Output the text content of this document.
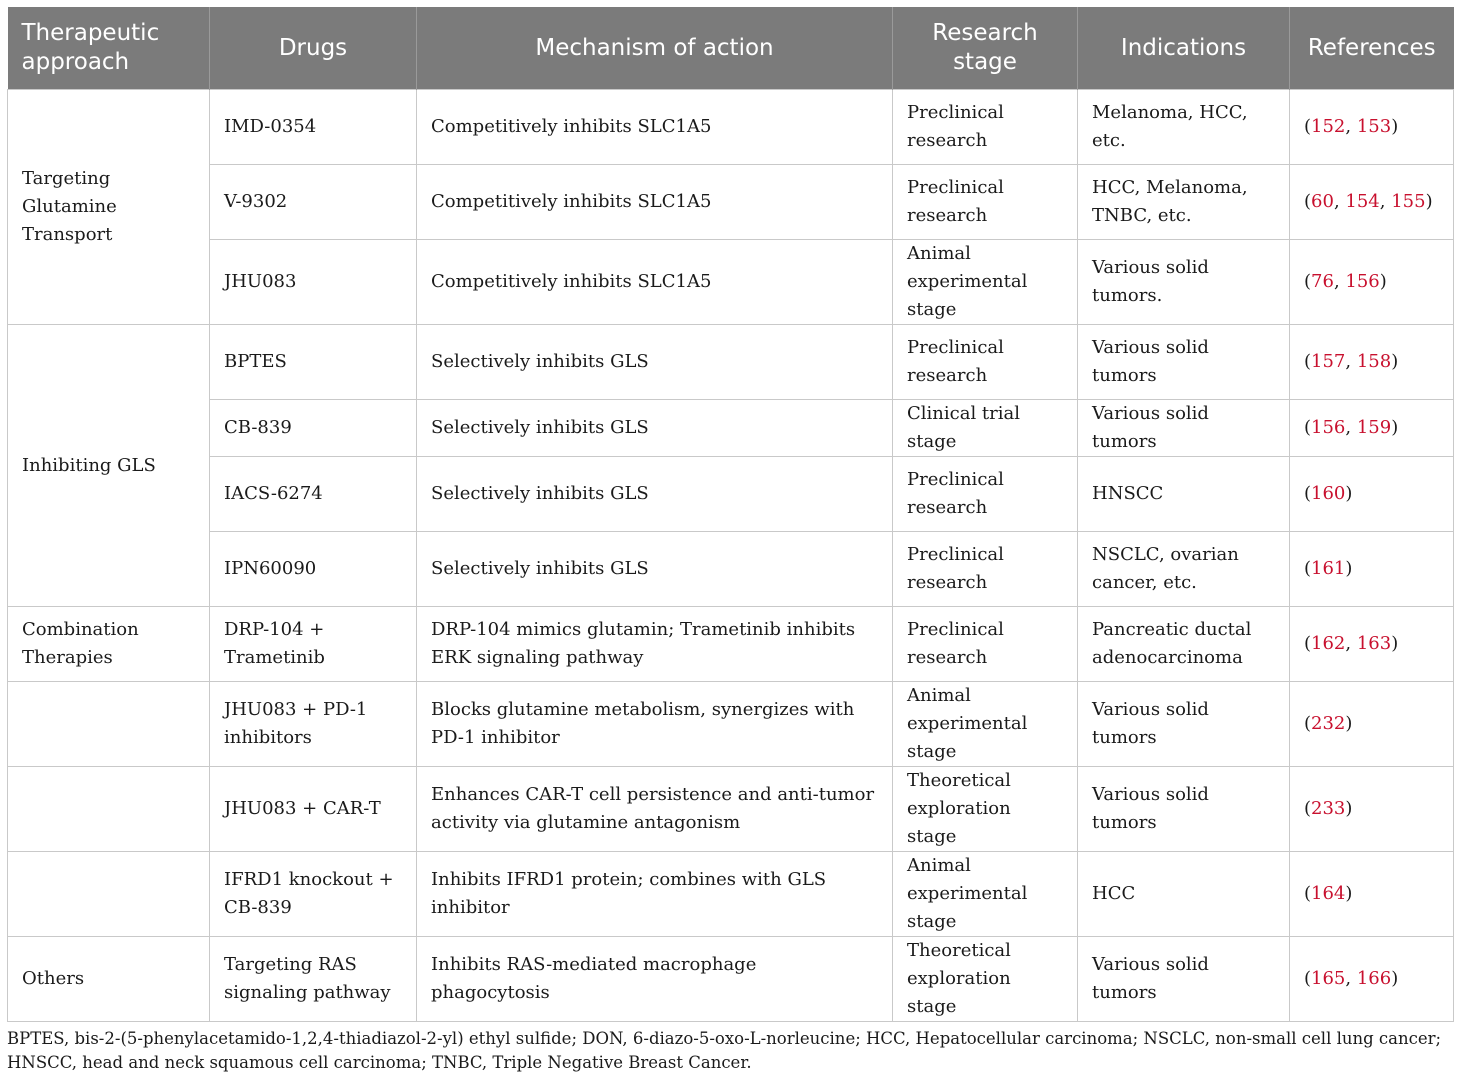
Therapeutic approach	Drugs	Mechanism of action	Research stage	Indications	References
Targeting Glutamine Transport	IMD-0354	Competitively inhibits SLC1A5	Preclinical research	Melanoma, HCC, etc.	(152, 153)
	V-9302	Competitively inhibits SLC1A5	Preclinical research	HCC, Melanoma, TNBC, etc.	(60, 154, 155)
	JHU083	Competitively inhibits SLC1A5	Animal experimental stage	Various solid tumors.	(76, 156)
Inhibiting GLS	BPTES	Selectively inhibits GLS	Preclinical research	Various solid tumors	(157, 158)
	CB-839	Selectively inhibits GLS	Clinical trial stage	Various solid tumors	(156, 159)
	IACS-6274	Selectively inhibits GLS	Preclinical research	HNSCC	(160)
	IPN60090	Selectively inhibits GLS	Preclinical research	NSCLC, ovarian cancer, etc.	(161)
Combination Therapies	DRP-104 + Trametinib	DRP-104 mimics glutamin; Trametinib inhibits ERK signaling pathway	Preclinical research	Pancreatic ductal adenocarcinoma	(162, 163)
	JHU083 + PD-1 inhibitors	Blocks glutamine metabolism, synergizes with PD-1 inhibitor	Animal experimental stage	Various solid tumors	(232)
	JHU083 + CAR-T	Enhances CAR-T cell persistence and anti-tumor activity via glutamine antagonism	Theoretical exploration stage	Various solid tumors	(233)
	IFRD1 knockout + CB-839	Inhibits IFRD1 protein; combines with GLS inhibitor	Animal experimental stage	HCC	(164)
Others	Targeting RAS signaling pathway	Inhibits RAS-mediated macrophage phagocytosis	Theoretical exploration stage	Various solid tumors	(165, 166)
BPTES, bis-2-(5-phenylacetamido-1,2,4-thiadiazol-2-yl) ethyl sulfide; DON, 6-diazo-5-oxo-L-norleucine; HCC, Hepatocellular carcinoma; NSCLC, non-small cell lung cancer; HNSCC, head and neck squamous cell carcinoma; TNBC, Triple Negative Breast Cancer.
